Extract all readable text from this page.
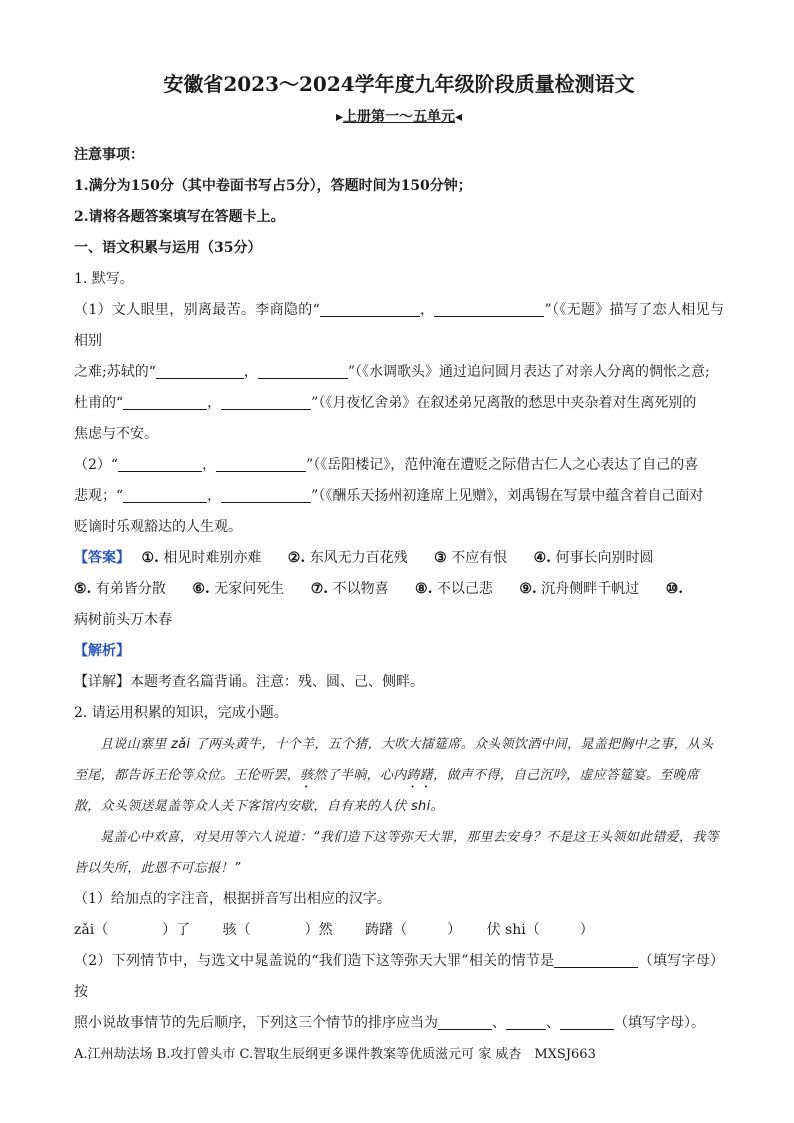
安徽省2023～2024学年度九年级阶段质量检测语文
▸上册第一～五单元◂
注意事项：
1.满分为150分（其中卷面书写占5分），答题时间为150分钟；
2.请将各题答案填写在答题卡上。
一、语文积累与运用（35分）
1. 默写。
（1）文人眼里，别离最苦。李商隐的“	，	”（《无题》描写了恋人相见与相别
之难;苏轼的“	，	”（《水调歌头》通过追问圆月表达了对亲人分离的惆怅之意;
杜甫的“	，	”（《月夜忆舍弟》在叙述弟兄离散的愁思中夹杂着对生离死别的
焦虑与不安。
（2）“	，	”（《岳阳楼记》，范仲淹在遭贬之际借古仁人之心表达了自己的喜
悲观；“	，	”（《酬乐天扬州初逢席上见赠》，刘禹锡在写景中蕴含着自己面对
贬谪时乐观豁达的人生观。
【答案】　 ①. 相见时难别亦难 ②. 东风无力百花残 ③ 不应有恨 ④. 何事长向别时圆
⑤. 有弟皆分散 ⑥. 无家问死生 ⑦. 不以物喜 ⑧. 不以己悲 ⑨. 沉舟侧畔千帆过 ⑩.
病树前头万木春
【解析】
【详解】本题考查名篇背诵。注意：残、圆、己、侧畔。
2. 请运用积累的知识，完成小题。
且说山寨里 zǎi 了两头黄牛，十个羊，五个猪，大吹大擂筵席。众头领饮酒中间，晁盖把胸中之事，从头至尾，都告诉王伦等众位。王伦听罢，骇然了半晌，心内踌躇，做声不得，自己沉吟，虚应答筵宴。至晚席散，众头领送晁盖等众人关下客馆内安歇，自有来的人伏 shi。
晁盖心中欢喜，对吴用等六人说道：“我们造下这等弥天大罪，那里去安身？不是这王头领如此错爱，我等皆以失所，此恩不可忘报！”
（1）给加点的字注音，根据拼音写出相应的汉字。
zǎi（	）了　　 骇（	）然　　 踌躇（	）　　 伏 shi（	）
（2）下列情节中，与选文中晁盖说的“我们造下这等弥天大罪”相关的情节是	（填写字母）按
照小说故事情节的先后顺序，下列这三个情节的排序应当为	、	、	（填写字母）。
A.江州劫法场 B.攻打曾头市 C.智取生辰纲更多课件教案等优质滋元可 家 威杏　MXSJ663
